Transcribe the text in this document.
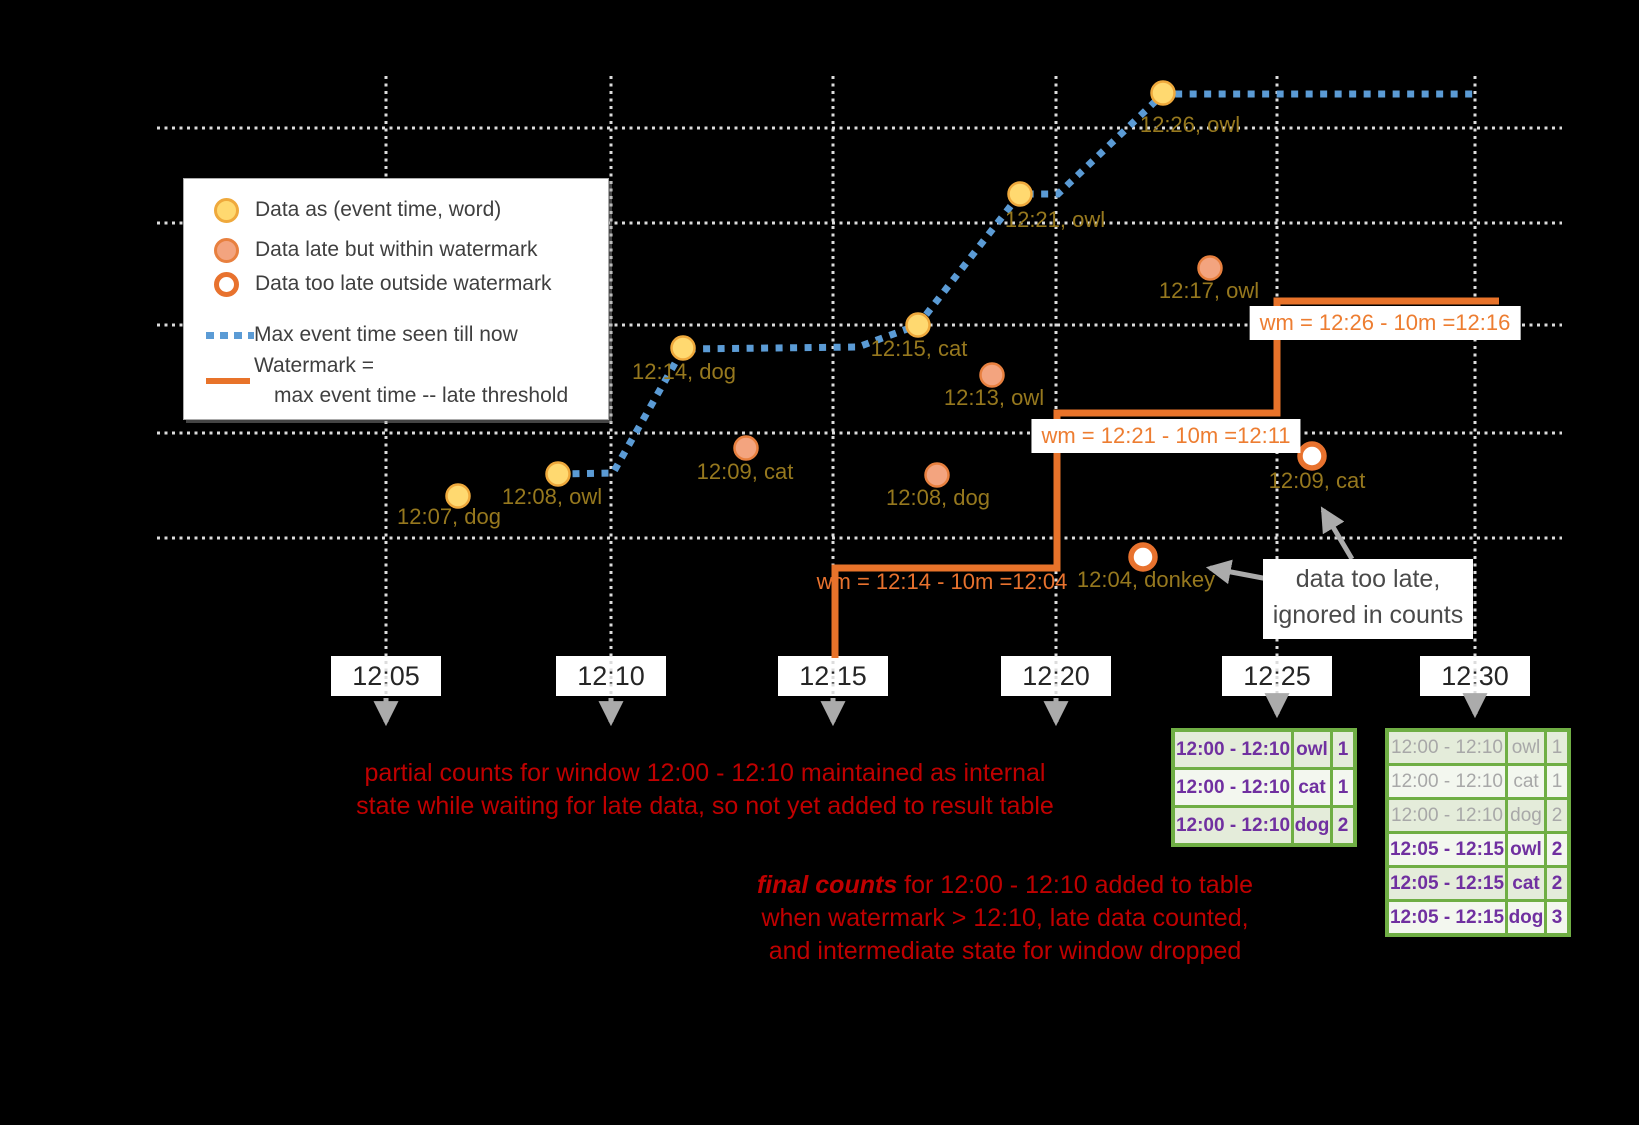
12:05	12:10	12:15	12:20	12:25	12:30
Data as (event time, word)
Data late but within watermark
Data too late outside watermark
Max event time seen till now
Watermark =
max event time -- late threshold
12:07, dog
12:08, owl
12:14, dog
12:15, cat
12:21, owl
12:26, owl
12:09, cat
12:08, dog
12:13, owl
12:17, owl
12:04, donkey
12:09, cat
wm = 12:14 - 10m =12:04
wm = 12:21 - 10m =12:11
wm = 12:26 - 10m =12:16
12:00 - 12:10 owl 1
12:00 - 12:10 cat 1
12:00 - 12:10 dog 2
12:00 - 12:10 owl 1
12:00 - 12:10 cat 1
12:00 - 12:10 dog 2
12:05 - 12:15 owl 2
12:05 - 12:15 cat 2
12:05 - 12:15 dog 3
partial counts for window 12:00 - 12:10 maintained as internal
state while waiting for late data, so not yet added to result table
final counts for 12:00 - 12:10 added to table
when watermark > 12:10, late data counted,
and intermediate state for window dropped
data too late,
ignored in counts
